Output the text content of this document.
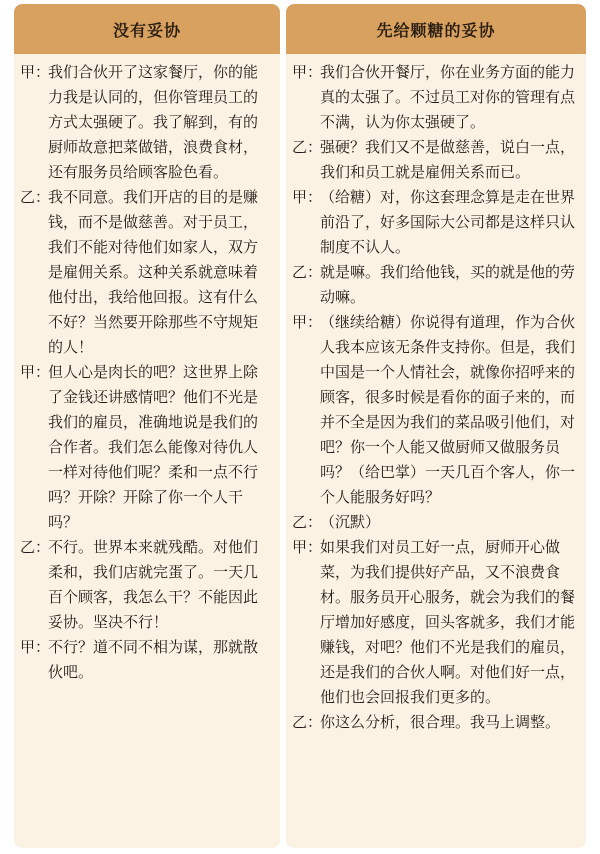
没有妥协
甲：
我们合伙开了这家餐厅，你的能力我是认同的，但你管理员工的方式太强硬了。我了解到，有的厨师故意把菜做错，浪费食材，还有服务员给顾客脸色看。
乙：
我不同意。我们开店的目的是赚钱，而不是做慈善。对于员工，我们不能对待他们如家人，双方是雇佣关系。这种关系就意味着他付出，我给他回报。这有什么不好？当然要开除那些不守规矩的人！
甲：
但人心是肉长的吧？这世界上除了金钱还讲感情吧？他们不光是我们的雇员，准确地说是我们的合作者。我们怎么能像对待仇人一样对待他们呢？柔和一点不行吗？开除？开除了你一个人干吗？
乙：
不行。世界本来就残酷。对他们柔和，我们店就完蛋了。一天几百个顾客，我怎么干？不能因此妥协。坚决不行！
甲：
不行？道不同不相为谋，那就散伙吧。
先给颗糖的妥协
甲：
我们合伙开餐厅，你在业务方面的能力真的太强了。不过员工对你的管理有点不满，认为你太强硬了。
乙：
强硬？我们又不是做慈善，说白一点，我们和员工就是雇佣关系而已。
甲：
（给糖）对，你这套理念算是走在世界前沿了，好多国际大公司都是这样只认制度不认人。
乙：
就是嘛。我们给他钱，买的就是他的劳动嘛。
甲：
（继续给糖）你说得有道理，作为合伙人我本应该无条件支持你。但是，我们中国是一个人情社会，就像你招呼来的顾客，很多时候是看你的面子来的，而并不全是因为我们的菜品吸引他们，对吧？你一个人能又做厨师又做服务员吗？（给巴掌）一天几百个客人，你一个人能服务好吗？
乙：
（沉默）
甲：
如果我们对员工好一点，厨师开心做菜，为我们提供好产品，又不浪费食材。服务员开心服务，就会为我们的餐厅增加好感度，回头客就多，我们才能赚钱，对吧？他们不光是我们的雇员，还是我们的合伙人啊。对他们好一点，他们也会回报我们更多的。
乙：
你这么分析，很合理。我马上调整。
